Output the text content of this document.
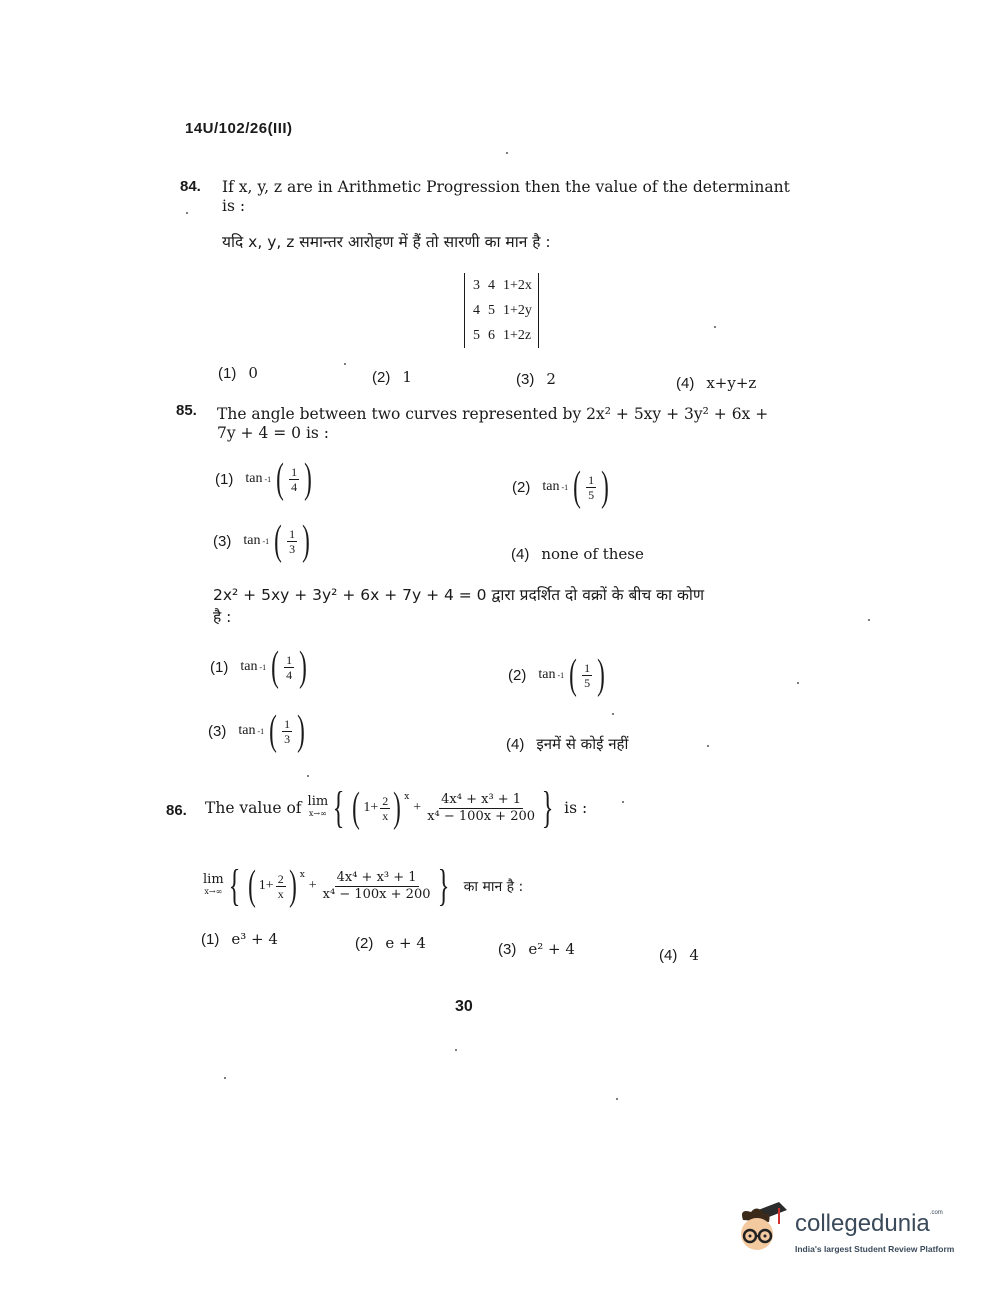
14U/102/26(III)
84. If x, y, z are in Arithmetic Progression then the value of the determinant
is :
यदि x, y, z समान्तर आरोहण में हैं तो सारणी का मान है :
3	4	1+2x
4	5	1+2y
5	6	1+2z
(1) 0	(2) 1	(3) 2	(4) x+y+z
85. The angle between two curves represented by 2x² + 5xy + 3y² + 6x +
7y + 4 = 0 is :
(1) tan -1 ( $\frac{1}{4}$ )	(2) tan -1 ( $\frac{1}{5}$ )
(3) tan -1 ( $\frac{1}{3}$ )	(4) none of these
2x² + 5xy + 3y² + 6x + 7y + 4 = 0 द्वारा प्रदर्शित दो वक्रों के बीच का कोण
है :
(1) tan -1 ( $\frac{1}{4}$ )	(2) tan -1 ( $\frac{1}{5}$ )
(3) tan -1 ( $\frac{1}{3}$ )	(4) इनमें से कोई नहीं
86. The value of lim
x→∞ { ( $1+ \frac{2}{x}$ ) $^x$
+ $\frac{\text{4x⁴ + x³ + 1}}{\text{x⁴ − 100x + 200}}$ } is :
lim
x→∞ { ( $1+ \frac{2}{x}$ ) $^x$
+ $\frac{\text{4x⁴ + x³ + 1}}{\text{x⁴ − 100x + 200}}$ } का मान है :
(1) e³ + 4	(2) e + 4	(3) e² + 4	(4) 4
30
collegedunia$^{.com}$
India's largest Student Review Platform
